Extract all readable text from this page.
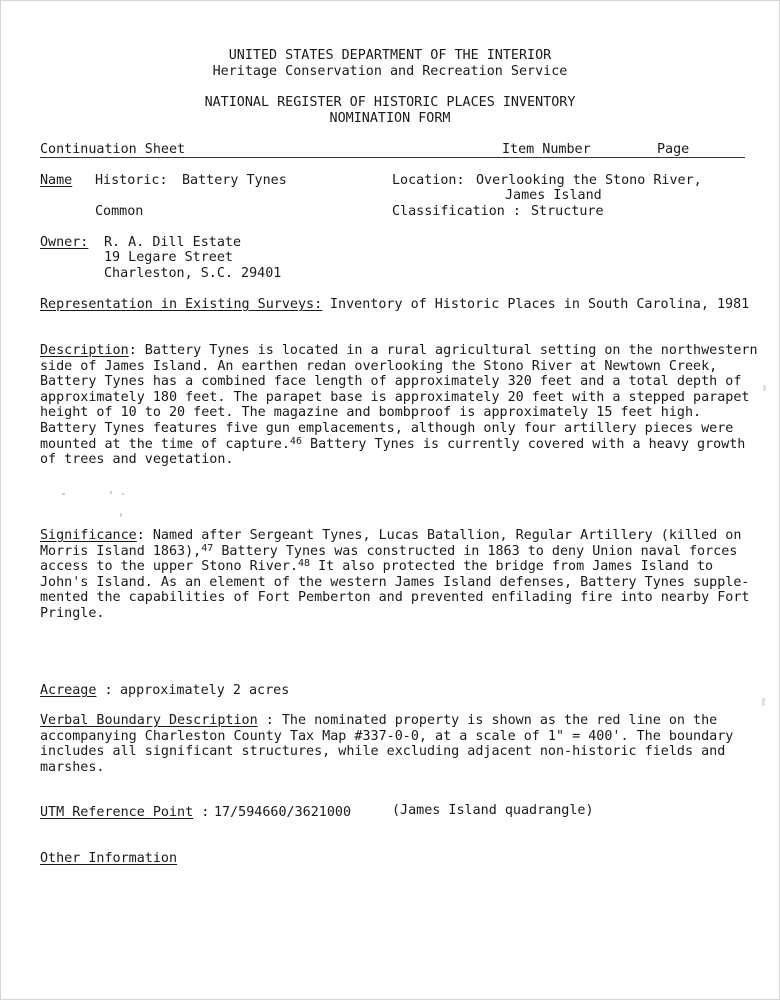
UNITED STATES DEPARTMENT OF THE INTERIOR
Heritage Conservation and Recreation Service
NATIONAL REGISTER OF HISTORIC PLACES INVENTORY
NOMINATION FORM
Continuation Sheet	Item Number	Page
Name Historic: Battery Tynes	Location: Overlooking the Stono River,
James Island
Common	Classification : Structure
Owner: R. A. Dill Estate
19 Legare Street
Charleston, S.C. 29401
Representation in Existing Surveys: Inventory of Historic Places in South Carolina, 1981

Description: Battery Tynes is located in a rural agricultural setting on the northwestern

side of James Island. An earthen redan overlooking the Stono River at Newtown Creek,

Battery Tynes has a combined face length of approximately 320 feet and a total depth of

approximately 180 feet. The parapet base is approximately 20 feet with a stepped parapet

height of 10 to 20 feet. The magazine and bombproof is approximately 15 feet high.

Battery Tynes features five gun emplacements, although only four artillery pieces were

mounted at the time of capture.$^{46}$ Battery Tynes is currently covered with a heavy growth

of trees and vegetation.

Significance: Named after Sergeant Tynes, Lucas Batallion, Regular Artillery (killed on

Morris Island 1863),$^{47}$ Battery Tynes was constructed in 1863 to deny Union naval forces

access to the upper Stono River.$^{48}$ It also protected the bridge from James Island to

John's Island. As an element of the western James Island defenses, Battery Tynes supple-

mented the capabilities of Fort Pemberton and prevented enfilading fire into nearby Fort

Pringle.

Acreage : approximately 2 acres

Verbal Boundary Description : The nominated property is shown as the red line on the

accompanying Charleston County Tax Map #337-0-0, at a scale of 1" = 400'. The boundary

includes all significant structures, while excluding adjacent non-historic fields and

marshes.

UTM Reference Point : 17/594660/3621000	(James Island quadrangle)
Other Information
